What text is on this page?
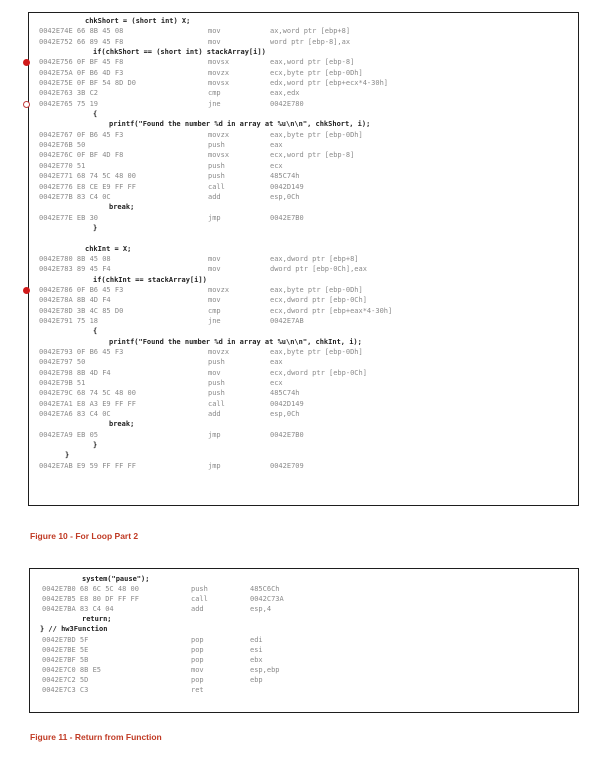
chkShort = (short int) X;
0042E74E 66 8B 45 08	mov	ax,word ptr [ebp+8]
0042E752 66 89 45 F8	mov	word ptr [ebp-8],ax
if(chkShort == (short int) stackArray[i])
0042E756 0F BF 45 F8	movsx	eax,word ptr [ebp-8]
0042E75A 0F B6 4D F3	movzx	ecx,byte ptr [ebp-0Dh]
0042E75E 0F BF 54 8D D0	movsx	edx,word ptr [ebp+ecx*4-30h]
0042E763 3B C2	cmp	eax,edx
0042E765 75 19	jne	0042E780
{
printf("Found the number %d in array at %u\n\n", chkShort, i);
0042E767 0F B6 45 F3	movzx	eax,byte ptr [ebp-0Dh]
0042E76B 50	push	eax
0042E76C 0F BF 4D F8	movsx	ecx,word ptr [ebp-8]
0042E770 51	push	ecx
0042E771 68 74 5C 48 00	push	485C74h
0042E776 E8 CE E9 FF FF	call	0042D149
0042E77B 83 C4 0C	add	esp,0Ch
break;
0042E77E EB 30	jmp	0042E7B0
}
chkInt = X;
0042E780 8B 45 08	mov	eax,dword ptr [ebp+8]
0042E783 89 45 F4	mov	dword ptr [ebp-0Ch],eax
if(chkInt == stackArray[i])
0042E786 0F B6 45 F3	movzx	eax,byte ptr [ebp-0Dh]
0042E78A 8B 4D F4	mov	ecx,dword ptr [ebp-0Ch]
0042E78D 3B 4C 85 D0	cmp	ecx,dword ptr [ebp+eax*4-30h]
0042E791 75 18	jne	0042E7AB
{
printf("Found the number %d in array at %u\n\n", chkInt, i);
0042E793 0F B6 45 F3	movzx	eax,byte ptr [ebp-0Dh]
0042E797 50	push	eax
0042E798 8B 4D F4	mov	ecx,dword ptr [ebp-0Ch]
0042E79B 51	push	ecx
0042E79C 68 74 5C 48 00	push	485C74h
0042E7A1 E8 A3 E9 FF FF	call	0042D149
0042E7A6 83 C4 0C	add	esp,0Ch
break;
0042E7A9 EB 05	jmp	0042E7B0
}
}
0042E7AB E9 59 FF FF FF	jmp	0042E709
Figure 10 - For Loop Part 2
system("pause");
0042E7B0 68 6C 5C 48 00	push	485C6Ch
0042E7B5 E8 80 DF FF FF	call	0042C73A
0042E7BA 83 C4 04	add	esp,4
return;
} // hw3Function
0042E7BD 5F	pop	edi
0042E7BE 5E	pop	esi
0042E7BF 5B	pop	ebx
0042E7C0 8B E5	mov	esp,ebp
0042E7C2 5D	pop	ebp
0042E7C3 C3	ret
Figure 11 - Return from Function
